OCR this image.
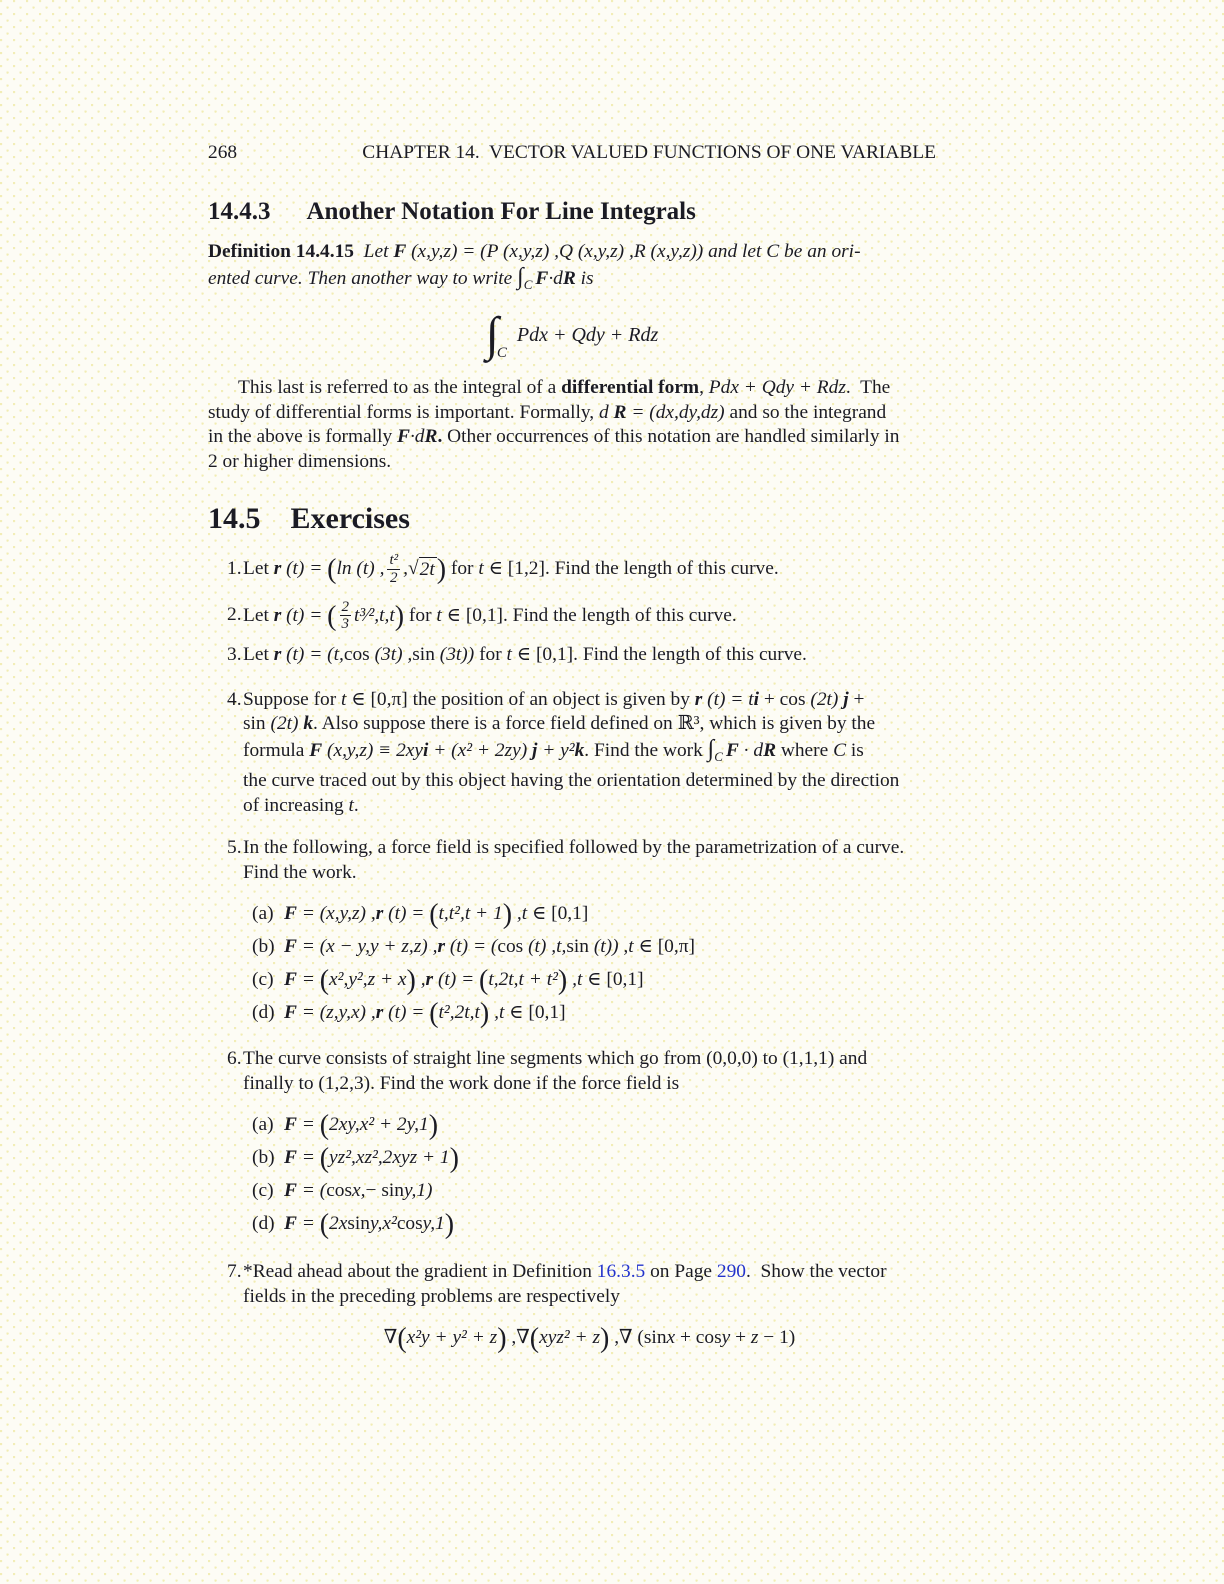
268	CHAPTER 14.  VECTOR VALUED FUNCTIONS OF ONE VARIABLE
14.4.3 Another Notation For Line Integrals
Definition 14.4.15  Let F (x,y,z) = (P (x,y,z) ,Q (x,y,z) ,R (x,y,z)) and let C be an ori-
ented curve. Then another way to write $\int_C$ F·dR is
∫
C
Pdx + Qdy + Rdz
This last is referred to as the integral of a differential form, Pdx + Qdy + Rdz.  The
study of differential forms is important. Formally, d R = (dx,dy,dz) and so the integrand
in the above is formally F·dR. Other occurrences of this notation are handled similarly in
2 or higher dimensions.
14.5 Exercises
1.Let r (t) = (ln (t) , $\frac{\text{t²}}{2}$ , √ 2t ) for t ∈ [1,2]. Find the length of this curve.
2.Let r (t) = ( $\frac{2}{3}$ t³⁄²,t,t) for t ∈ [0,1]. Find the length of this curve.
3.Let r (t) = (t,cos (3t) ,sin (3t)) for t ∈ [0,1]. Find the length of this curve.
4.Suppose for t ∈ [0,π] the position of an object is given by r (t) = ti + cos (2t) j +
sin (2t) k. Also suppose there is a force field defined on ℝ³, which is given by the
formula F (x,y,z) ≡ 2xyi + (x² + 2zy) j + y²k. Find the work $\int_C$ F · dR where C is
the curve traced out by this object having the orientation determined by the direction
of increasing t.
5.In the following, a force field is specified followed by the parametrization of a curve.
Find the work.
(a) F = (x,y,z) ,r (t) = (t,t²,t + 1) ,t ∈ [0,1]
(b) F = (x − y,y + z,z) ,r (t) = (cos (t) ,t,sin (t)) ,t ∈ [0,π]
(c) F = (x²,y²,z + x) ,r (t) = (t,2t,t + t²) ,t ∈ [0,1]
(d) F = (z,y,x) ,r (t) = (t²,2t,t) ,t ∈ [0,1]
6.The curve consists of straight line segments which go from (0,0,0) to (1,1,1) and
finally to (1,2,3). Find the work done if the force field is
(a) F = (2xy,x² + 2y,1)
(b) F = (yz²,xz²,2xyz + 1)
(c) F = (cosx,− siny,1)
(d) F = (2xsiny,x²cosy,1)
7.*Read ahead about the gradient in Definition 16.3.5 on Page 290.  Show the vector
fields in the preceding problems are respectively
∇(x²y + y² + z) ,∇(xyz² + z) ,∇ (sinx + cosy + z − 1)
